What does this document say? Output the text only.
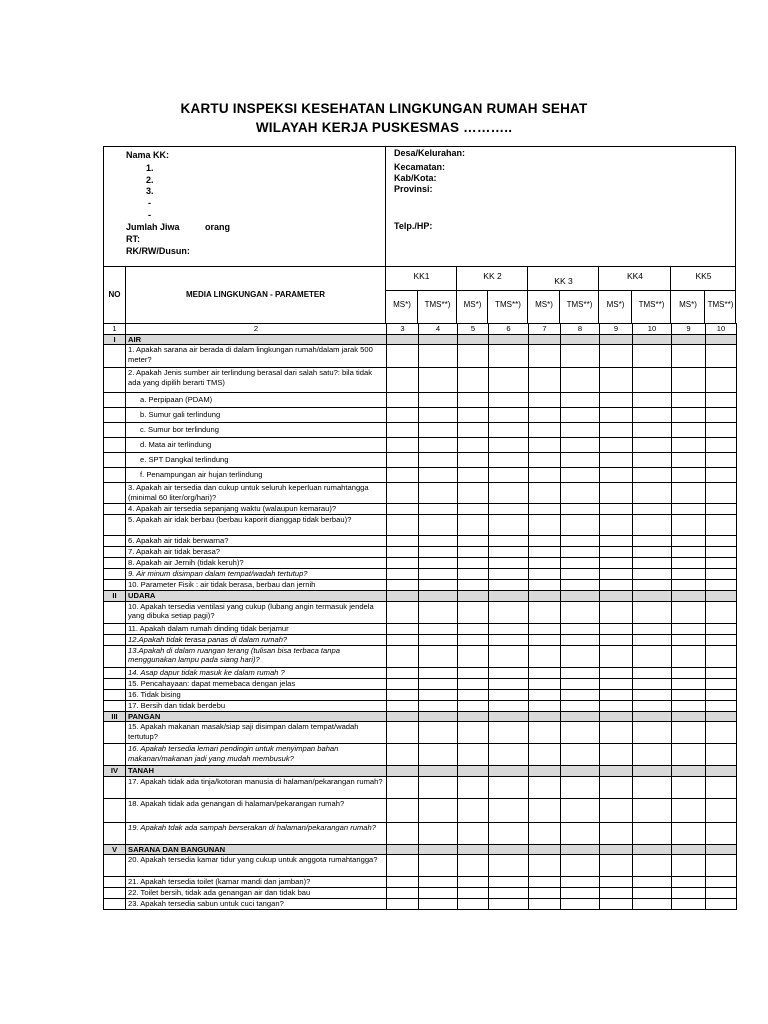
KARTU INSPEKSI KESEHATAN LINGKUNGAN RUMAH SEHAT
WILAYAH KERJA PUSKESMAS ………..
Nama KK:
1.
2.
3.
-
-
Jumlah Jiwa	orang
RT:
RK/RW/Dusun:
Desa/Kelurahan:
Kecamatan:
Kab/Kota:
Provinsi:
Telp./HP:
NO	MEDIA LINGKUNGAN - PARAMETER
KK1
MS*)	TMS**)
KK 2
MS*)	TMS**)
KK 3
MS*)	TMS**)
KK4
MS*)	TMS**)
KK5
MS*)	TMS**)
1	2	3	4	5	6	7	8	9	10	9	10
I	AIR										
	1. Apakah sarana air berada di dalam lingkungan rumah/dalam jarak 500 meter?										
	2. Apakah Jenis sumber air terlindung berasal dari salah satu?: bila tidak ada yang dipilih berarti TMS)										
	a. Perpipaan (PDAM)										
	b. Sumur gali terlindung										
	c. Sumur bor terlindung										
	d. Mata air terlindung										
	e. SPT Dangkal terlindung										
	f. Penampungan air hujan terlindung										
	3. Apakah air tersedia dan cukup untuk seluruh keperluan rumahtangga (minimal 60 liter/org/hari)?										
	4. Apakah air tersedia sepanjang waktu (walaupun kemarau)?										
	5. Apakah air idak berbau (berbau kaporit dianggap tidak berbau)?										
	6. Apakah air tidak berwarna?										
	7. Apakah air tidak berasa?										
	8. Apakah air Jernih (tidak keruh)?										
	9. Air minum disimpan dalam tempat/wadah tertutup?										
	10. Parameter Fisik : air tidak berasa, berbau dan jernih										
II	UDARA										
	10. Apakah tersedia ventilasi yang cukup (lubang angin termasuk jendela yang dibuka setiap pagi)?										
	11. Apakah dalam rumah dinding tidak berjamur										
	12.Apakah tidak terasa panas di dalam rumah?										
	13.Apakah di dalam ruangan terang (tulisan bisa terbaca tanpa menggunakan lampu pada siang hari)?										
	14. Asap dapur tidak masuk ke dalam rumah ?										
	15. Pencahayaan: dapat memebaca dengan jelas										
	16. Tidak bising										
	17. Bersih dan tidak berdebu										
III	PANGAN										
	15. Apakah makanan masak/siap saji disimpan dalam tempat/wadah tertutup?										
	16. Apakah tersedia lemari pendingin untuk menyimpan bahan makanan/makanan jadi yang mudah membusuk?										
IV	TANAH										
	17. Apakah tidak ada tinja/kotoran manusia di halaman/pekarangan rumah?										
	18. Apakah tidak ada genangan di halaman/pekarangan rumah?										
	19. Apakah tdak ada sampah berserakan di halaman/pekarangan rumah?										
V	SARANA DAN BANGUNAN										
	20. Apakah tersedia kamar tidur yang cukup untuk anggota rumahtangga?										
	21. Apakah tersedia toilet (kamar mandi dan jamban)?										
	22. Toilet bersih, tidak ada genangan air dan tidak bau										
	23. Apakah tersedia sabun untuk cuci tangan?										
